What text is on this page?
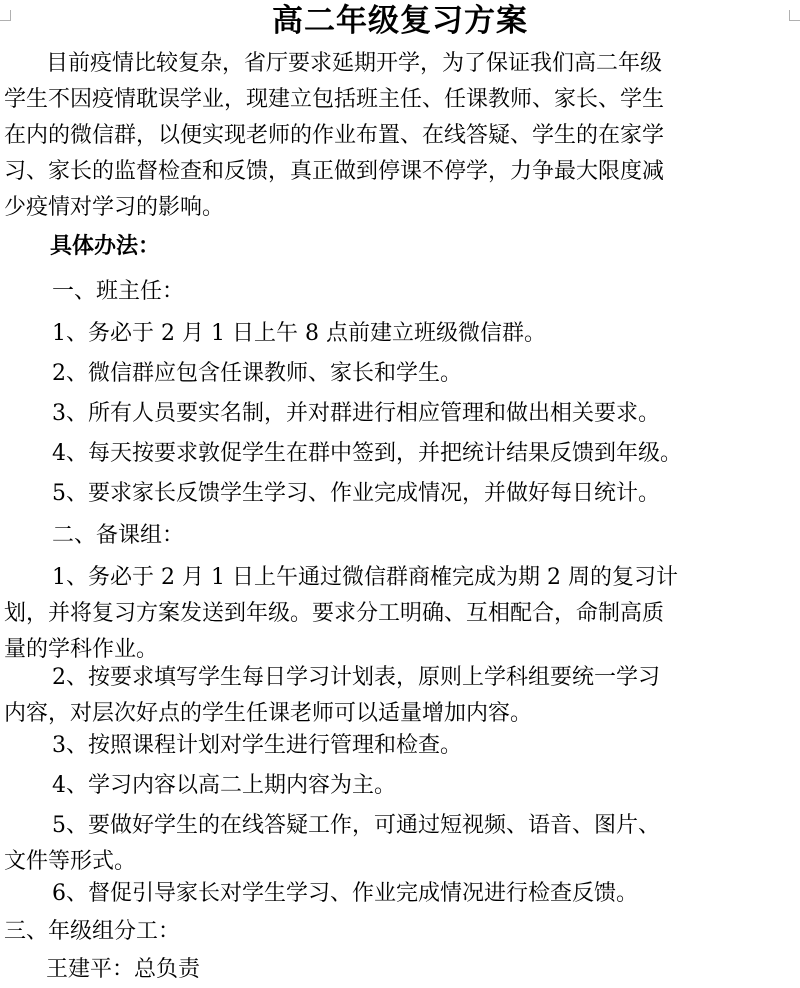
高二年级复习方案
目前疫情比较复杂，省厅要求延期开学，为了保证我们高二年级
学生不因疫情耽误学业，现建立包括班主任、任课教师、家长、学生
在内的微信群，以便实现老师的作业布置、在线答疑、学生的在家学
习、家长的监督检查和反馈，真正做到停课不停学，力争最大限度减
少疫情对学习的影响。
具体办法：
一、班主任：
1、务必于 2 月 1 日上午 8 点前建立班级微信群。
2、微信群应包含任课教师、家长和学生。
3、所有人员要实名制，并对群进行相应管理和做出相关要求。
4、每天按要求敦促学生在群中签到，并把统计结果反馈到年级。
5、要求家长反馈学生学习、作业完成情况，并做好每日统计。
二、备课组：
1、务必于 2 月 1 日上午通过微信群商榷完成为期 2 周的复习计
划，并将复习方案发送到年级。要求分工明确、互相配合，命制高质
量的学科作业。
2、按要求填写学生每日学习计划表，原则上学科组要统一学习
内容，对层次好点的学生任课老师可以适量增加内容。
3、按照课程计划对学生进行管理和检查。
4、学习内容以高二上期内容为主。
5、要做好学生的在线答疑工作，可通过短视频、语音、图片、
文件等形式。
6、督促引导家长对学生学习、作业完成情况进行检查反馈。
三、年级组分工：
王建平：总负责
